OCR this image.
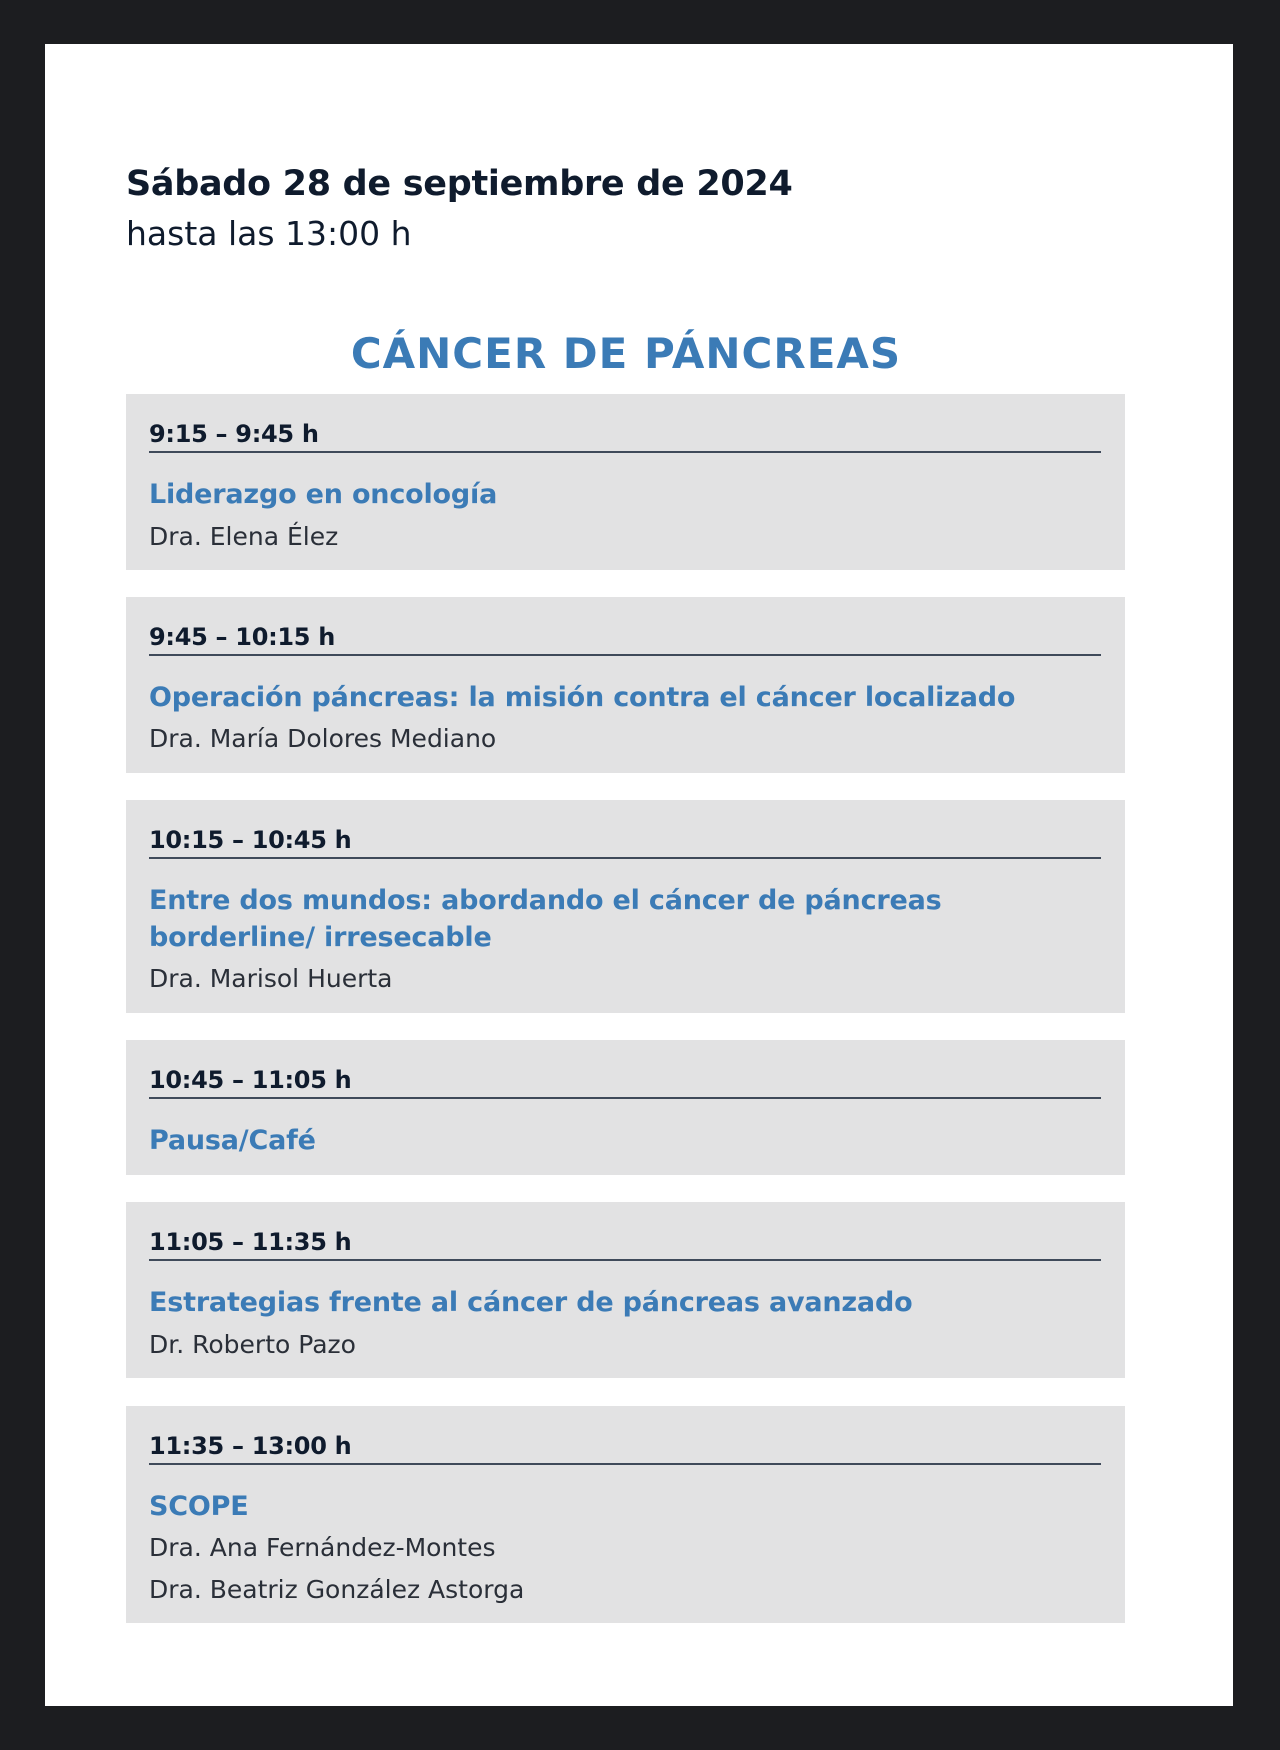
Sábado 28 de septiembre de 2024
hasta las 13:00 h
CÁNCER DE PÁNCREAS
9:15 – 9:45 h
Liderazgo en oncología
Dra. Elena Élez
9:45 – 10:15 h
Operación páncreas: la misión contra el cáncer localizado
Dra. María Dolores Mediano
10:15 – 10:45 h
Entre dos mundos: abordando el cáncer de páncreas borderline/ irresecable
Dra. Marisol Huerta
10:45 – 11:05 h
Pausa/Café
11:05 – 11:35 h
Estrategias frente al cáncer de páncreas avanzado
Dr. Roberto Pazo
11:35 – 13:00 h
SCOPE
Dra. Ana Fernández-Montes
Dra. Beatriz González Astorga
